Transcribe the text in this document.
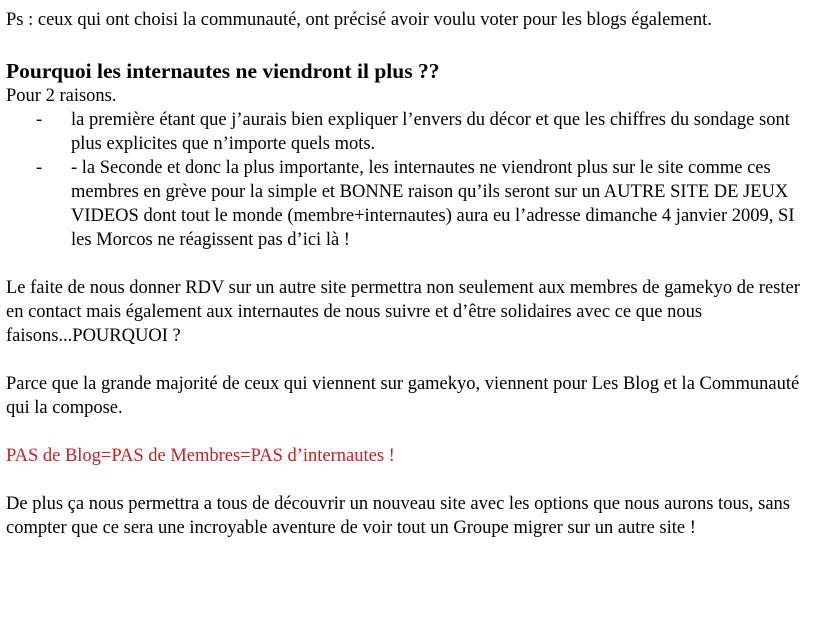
Ps : ceux qui ont choisi la communauté, ont précisé avoir voulu voter pour les blogs également.

Pourquoi les internautes ne viendront il plus ??

Pour 2 raisons.

- la première étant que j’aurais bien expliquer l’envers du décor et que les chiffres du sondage sont plus explicites que n’importe quels mots.
- - la Seconde et donc la plus importante, les internautes ne viendront plus sur le site comme ces membres en grève pour la simple et BONNE raison qu’ils seront sur un AUTRE SITE DE JEUX VIDEOS dont tout le monde (membre+internautes) aura eu l’adresse dimanche 4 janvier 2009, SI les Morcos ne réagissent pas d’ici là !

Le faite de nous donner RDV sur un autre site permettra non seulement aux membres de gamekyo de rester en contact mais également aux internautes de nous suivre et d’être solidaires avec ce que nous faisons...POURQUOI ?

Parce que la grande majorité de ceux qui viennent sur gamekyo, viennent pour Les Blog et la Communauté qui la compose.

PAS de Blog=PAS de Membres=PAS d’internautes !

De plus ça nous permettra a tous de découvrir un nouveau site avec les options que nous aurons tous, sans compter que ce sera une incroyable aventure de voir tout un Groupe migrer sur un autre site !
